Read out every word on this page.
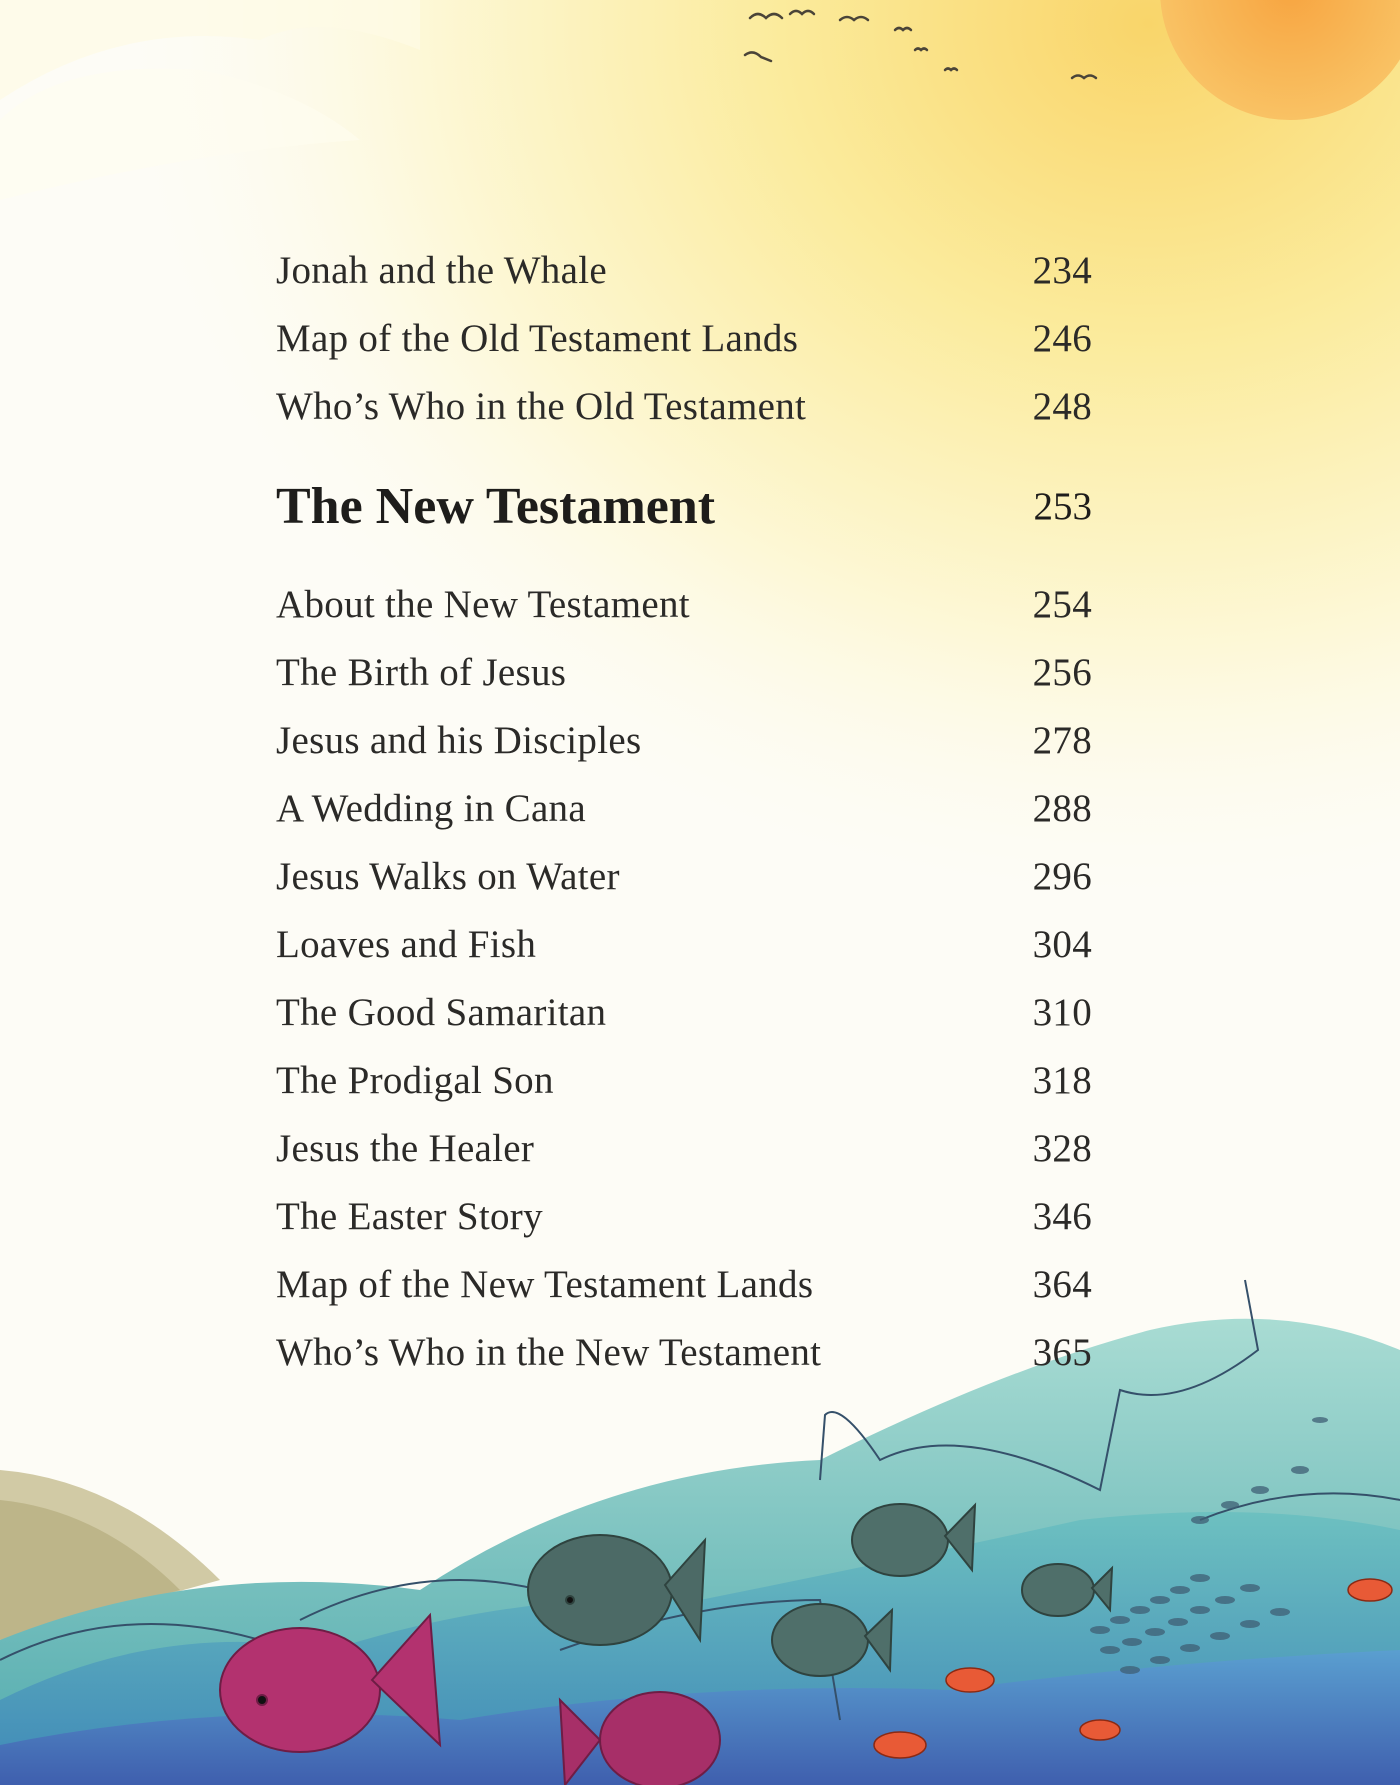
Jonah and the Whale	234
Map of the Old Testament Lands	246
Who’s Who in the Old Testament	248
The New Testament	253
About the New Testament	254
The Birth of Jesus	256
Jesus and his Disciples	278
A Wedding in Cana	288
Jesus Walks on Water	296
Loaves and Fish	304
The Good Samaritan	310
The Prodigal Son	318
Jesus the Healer	328
The Easter Story	346
Map of the New Testament Lands	364
Who’s Who in the New Testament	365
